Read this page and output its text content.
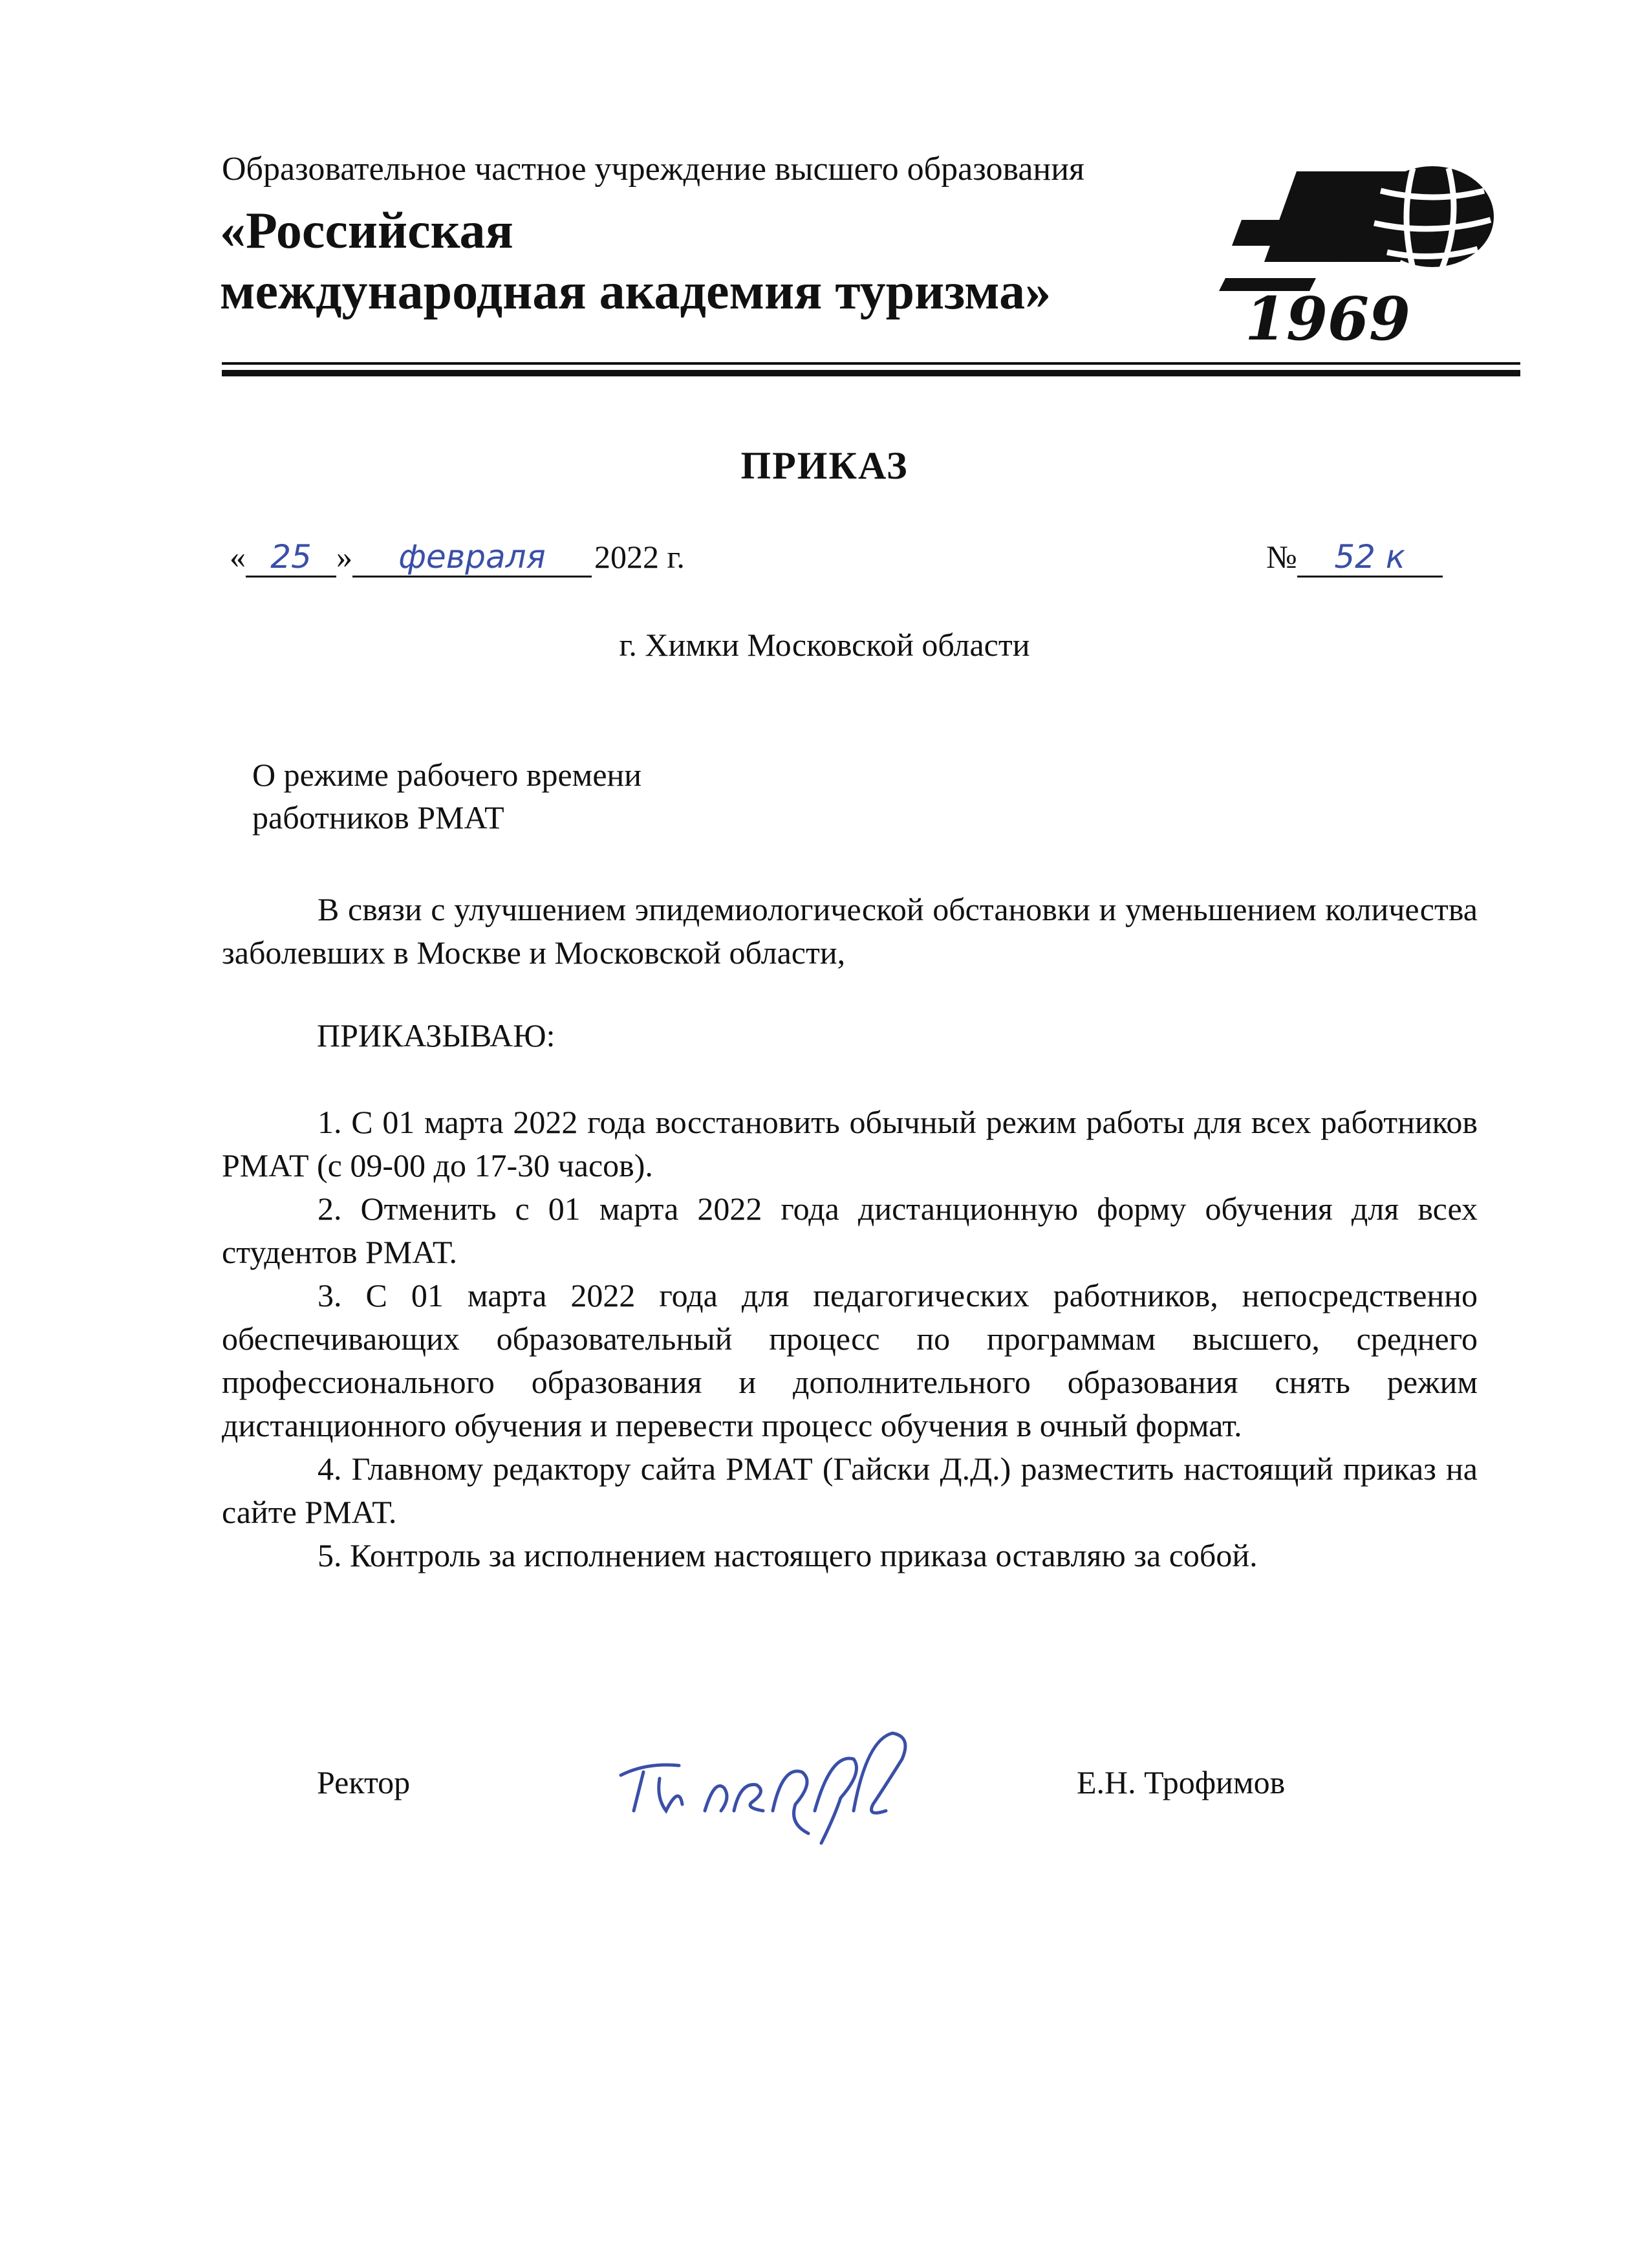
Образовательное частное учреждение высшего образования
«Российская
международная академия туризма»	1969
ПРИКАЗ
« 25 » февраля 2022 г.	№ 52 к
г. Химки Московской области
О режиме рабочего времени
работников РМАТ
В связи с улучшением эпидемиологической обстановки и уменьшением количества заболевших в Москве и Московской области,
ПРИКАЗЫВАЮ:

1. С 01 марта 2022 года восстановить обычный режим работы для всех работников РМАТ (с 09-00 до 17-30 часов).

2. Отменить с 01 марта 2022 года дистанционную форму обучения для всех студентов РМАТ.

3. С 01 марта 2022 года для педагогических работников, непосредственно обеспечивающих образовательный процесс по программам высшего, среднего профессионального образования и дополнительного образования снять режим дистанционного обучения и перевести процесс обучения в очный формат.

4. Главному редактору сайта РМАТ (Гайски Д.Д.) разместить настоящий приказ на сайте РМАТ.

5. Контроль за исполнением настоящего приказа оставляю за собой.

Ректор	Е.Н. Трофимов
